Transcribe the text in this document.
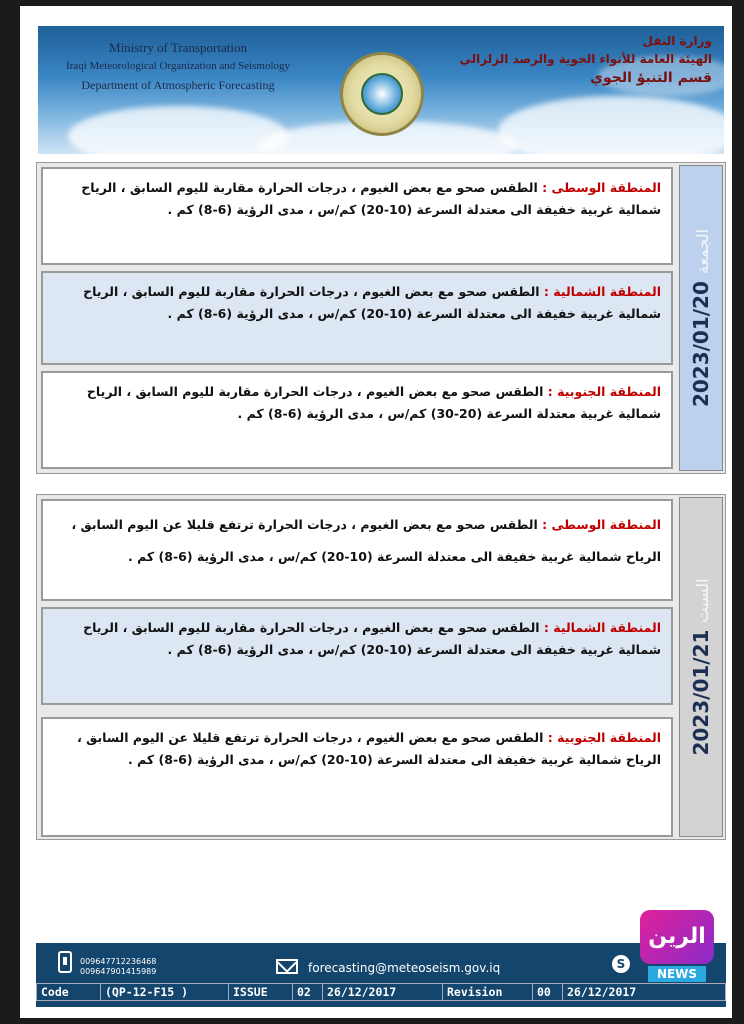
Ministry of Transportation
Iraqi Meteorological Organization and Seismology
Department of Atmospheric Forecasting
وزارة النقل
الهيئة العامة للأنواء الجوية والرصد الزلزالي
قسم التنبؤ الجوي
الجمعة 2023/01/20
المنطقة الوسطى : الطقس صحو مع بعض الغيوم ، درجات الحرارة مقاربة لليوم السابق ، الرياح شمالية غربية خفيفة الى معتدلة السرعة (10-20) كم/س ، مدى الرؤية (6-8) كم .
المنطقة الشمالية : الطقس صحو مع بعض الغيوم ، درجات الحرارة مقاربة لليوم السابق ، الرياح شمالية غربية خفيفة الى معتدلة السرعة (10-20) كم/س ، مدى الرؤية (6-8) كم .
المنطقة الجنوبية : الطقس صحو مع بعض الغيوم ، درجات الحرارة مقاربة لليوم السابق ، الرياح شمالية غربية معتدلة السرعة (20-30) كم/س ، مدى الرؤية (6-8) كم .
السبت 2023/01/21
المنطقة الوسطى : الطقس صحو مع بعض الغيوم ، درجات الحرارة ترتفع قليلا عن اليوم السابق ، الرياح شمالية غربية خفيفة الى معتدلة السرعة (10-20) كم/س ، مدى الرؤية (6-8) كم .
المنطقة الشمالية : الطقس صحو مع بعض الغيوم ، درجات الحرارة مقاربة لليوم السابق ، الرياح شمالية غربية خفيفة الى معتدلة السرعة (10-20) كم/س ، مدى الرؤية (6-8) كم .
المنطقة الجنوبية : الطقس صحو مع بعض الغيوم ، درجات الحرارة ترتفع قليلا عن اليوم السابق ، الرياح شمالية غربية خفيفة الى معتدلة السرعة (10-20) كم/س ، مدى الرؤية (6-8) كم .
009647712236468
009647901415989	forecasting@meteoseism.gov.iq	S
Code	(QP-12-F15 )	ISSUE	02	26/12/2017	Revision	00	26/12/2017
الرين
NEWS
